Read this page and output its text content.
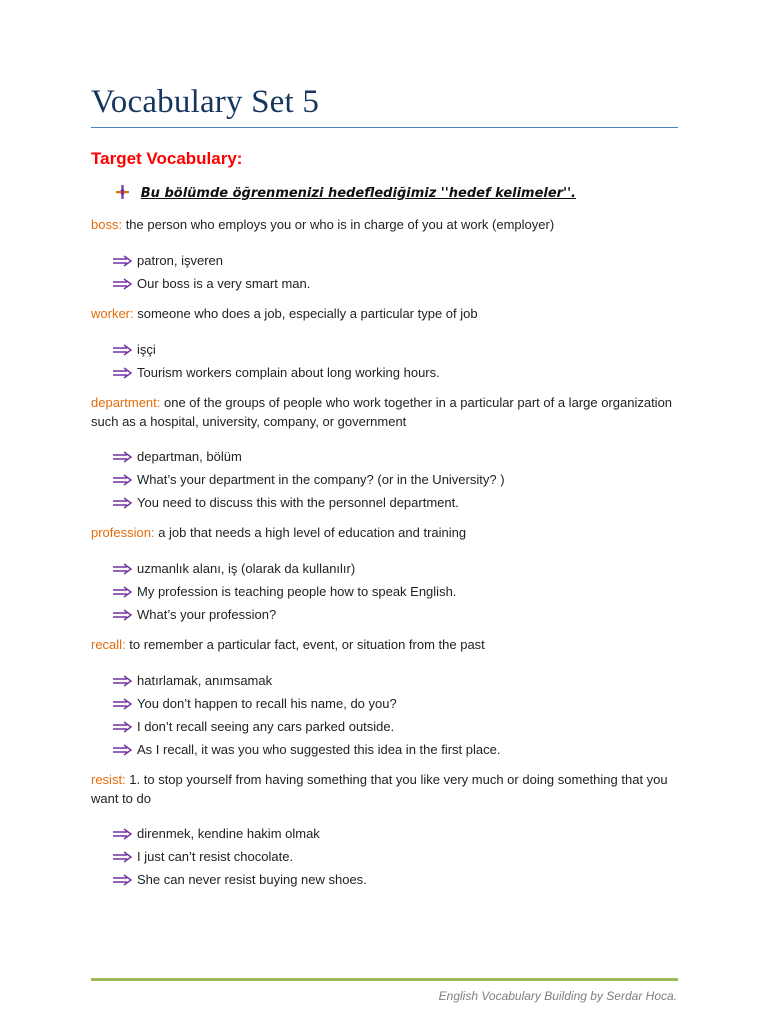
Vocabulary Set 5
Target Vocabulary:
Bu bölümde öğrenmenizi hedeflediğimiz ''hedef kelimeler''.
boss: the person who employs you or who is in charge of you at work (employer)
patron, işveren
Our boss is a very smart man.
worker: someone who does a job, especially a particular type of job
işçi
Tourism workers complain about long working hours.
department: one of the groups of people who work together in a particular part of a large organization such as a hospital, university, company, or government
departman, bölüm
What’s your department in the company? (or in the University? )
You need to discuss this with the personnel department.
profession: a job that needs a high level of education and training
uzmanlık alanı, iş (olarak da kullanılır)
My profession is teaching people how to speak English.
What’s your profession?
recall: to remember a particular fact, event, or situation from the past
hatırlamak, anımsamak
You don’t happen to recall his name, do you?
I don’t recall seeing any cars parked outside.
As I recall, it was you who suggested this idea in the first place.
resist: 1. to stop yourself from having something that you like very much or doing something that you want to do
direnmek, kendine hakim olmak
I just can’t resist chocolate.
She can never resist buying new shoes.
English Vocabulary Building by Serdar Hoca.
